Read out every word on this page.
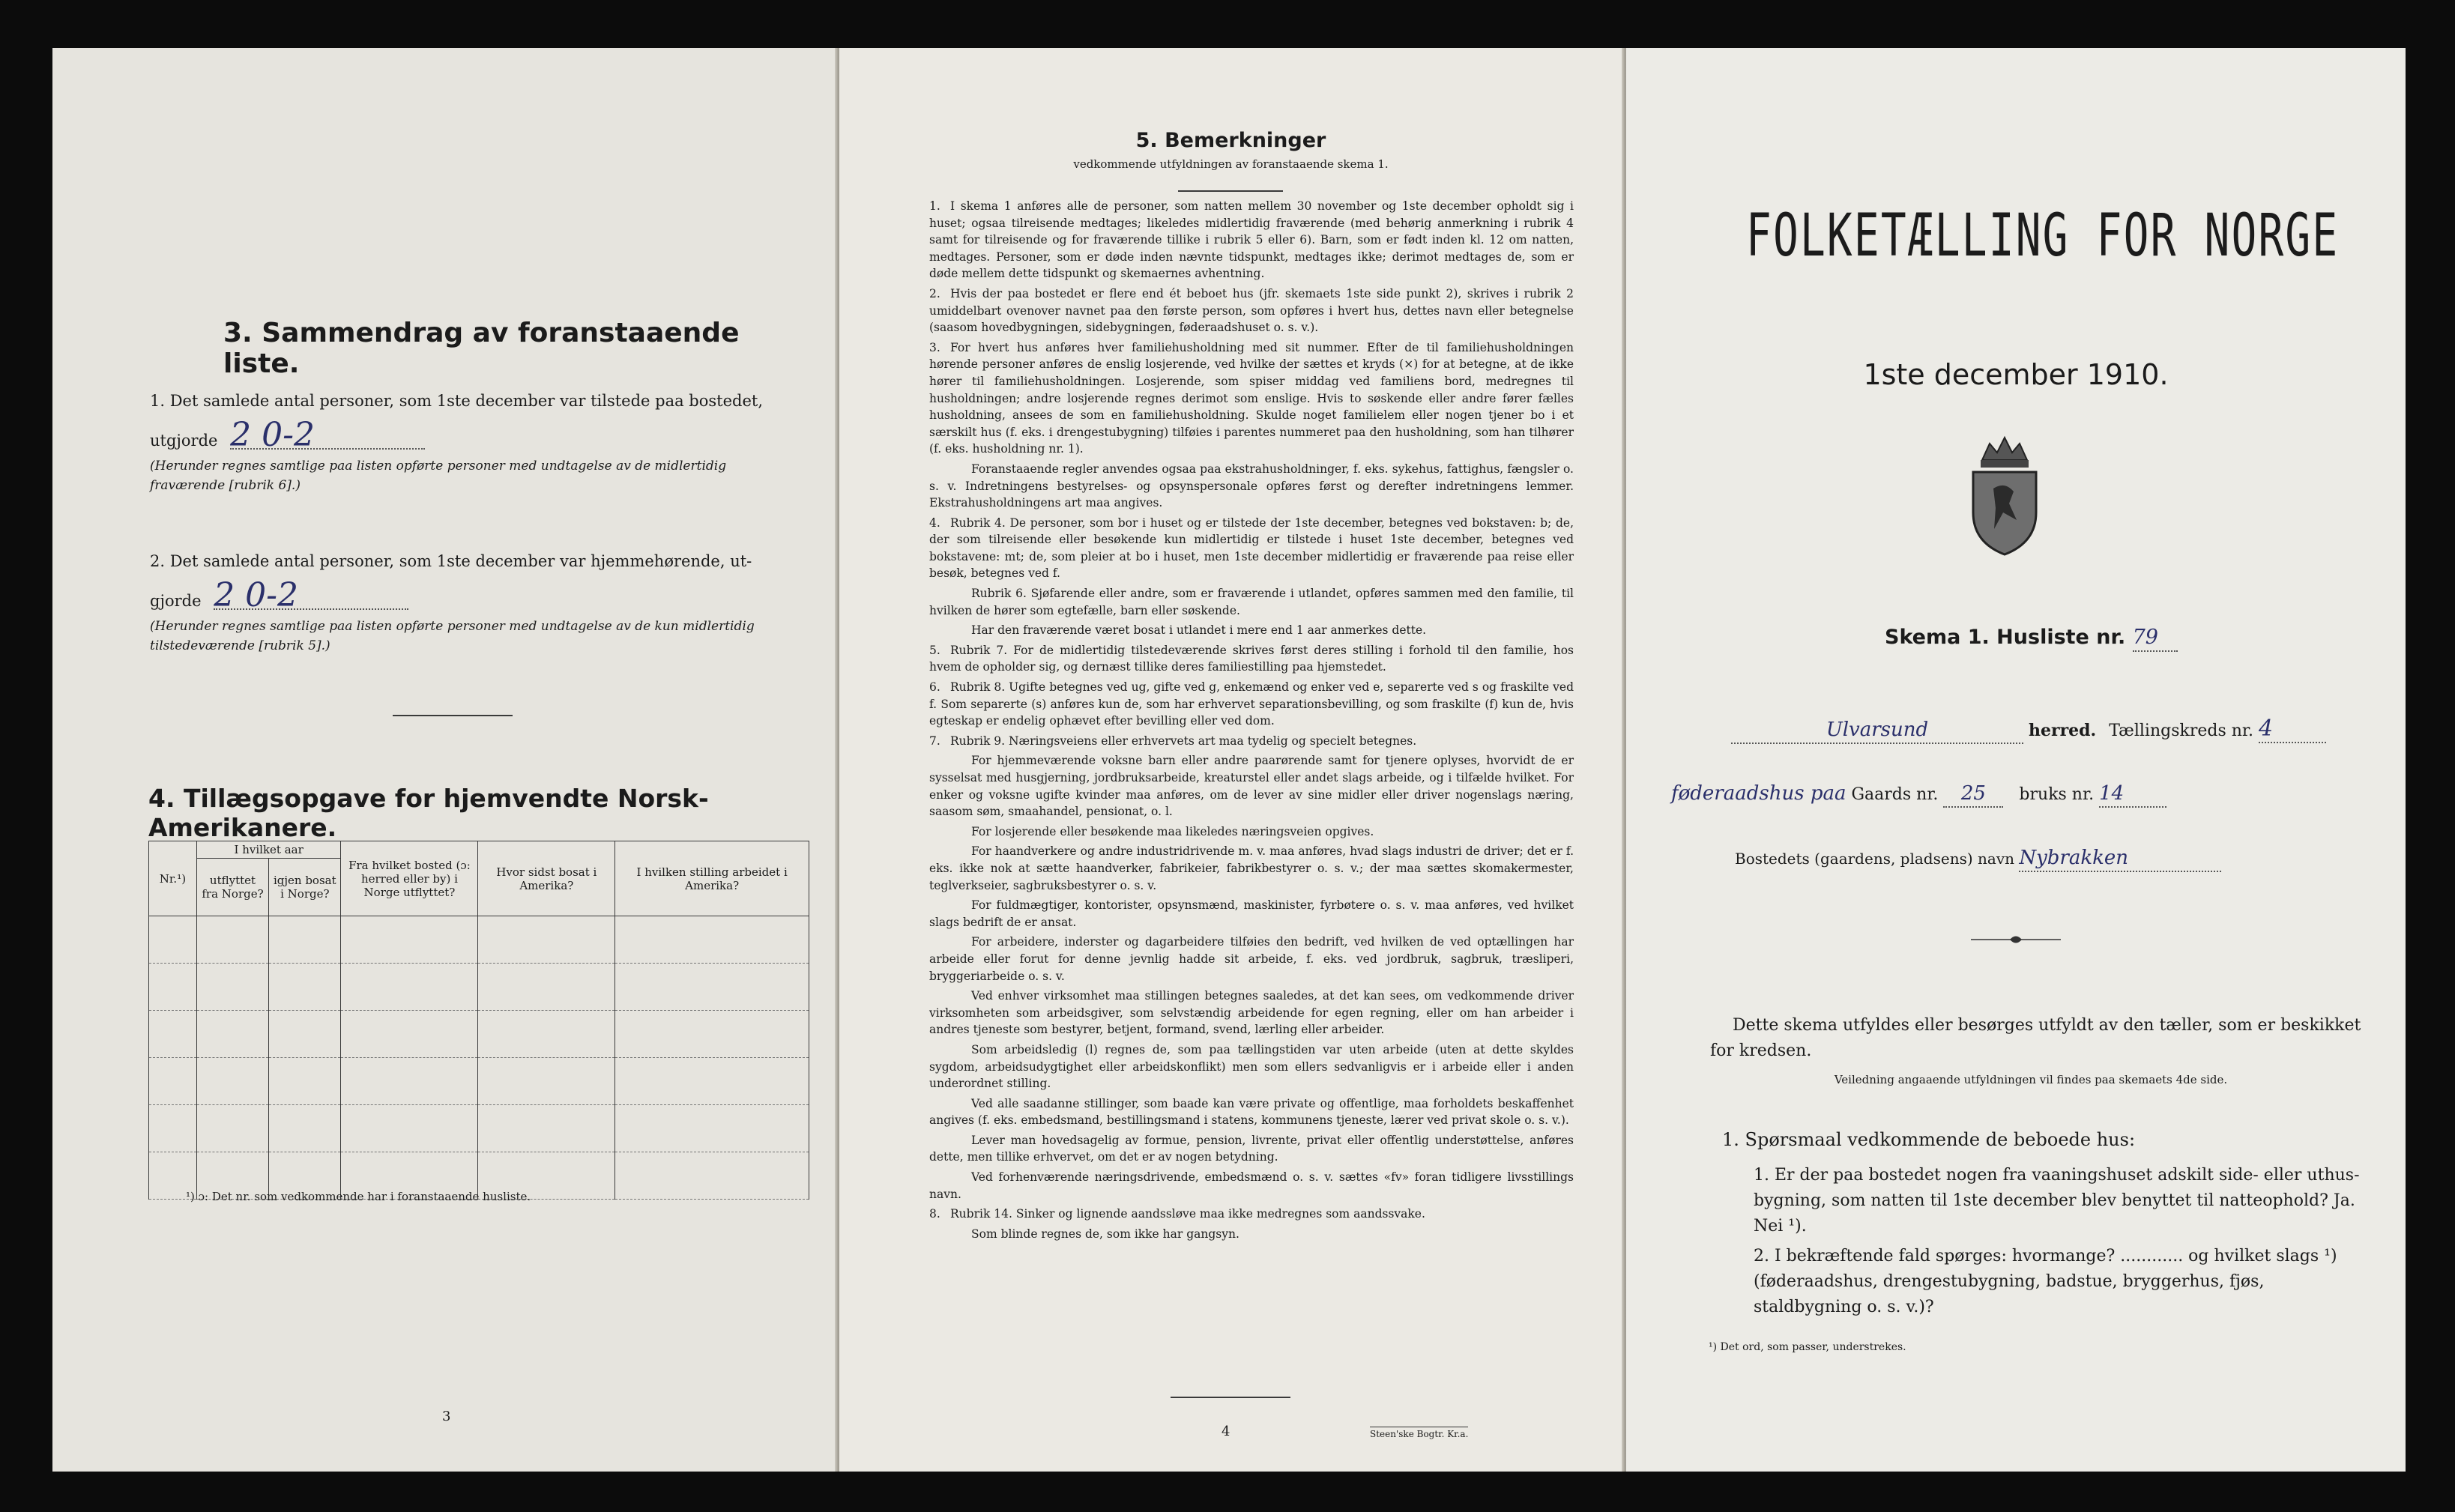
3. Sammendrag av foranstaaende liste.
1. Det samlede antal personer, som 1ste december var tilstede paa bostedet,
utgjorde 2 0-2
(Herunder regnes samtlige paa listen opførte personer med undtagelse av de midlertidig fraværende [rubrik 6].)
2. Det samlede antal personer, som 1ste december var hjemmehørende, ut-
gjorde 2 0-2
(Herunder regnes samtlige paa listen opførte personer med undtagelse av de kun midlertidig tilstedeværende [rubrik 5].)
4. Tillægsopgave for hjemvendte Norsk-Amerikanere.
Nr.¹)	I hvilket aar		Fra hvilket bosted (ɔ: herred eller by) i Norge utflyttet?	Hvor sidst bosat i Amerika?	I hvilken stilling arbeidet i Amerika?
	utflyttet fra Norge?	igjen bosat i Norge?			

¹) ɔ: Det nr. som vedkommende har i foranstaaende husliste.
3
5. Bemerkninger
vedkommende utfyldningen av foranstaaende skema 1.

1. I skema 1 anføres alle de personer, som natten mellem 30 november og 1ste december opholdt sig i huset; ogsaa tilreisende medtages; likeledes midlertidig fraværende (med behørig anmerkning i rubrik 4 samt for tilreisende og for fraværende tillike i rubrik 5 eller 6). Barn, som er født inden kl. 12 om natten, medtages. Personer, som er døde inden nævnte tidspunkt, medtages ikke; derimot medtages de, som er døde mellem dette tidspunkt og skemaernes avhentning.

2. Hvis der paa bostedet er flere end ét beboet hus (jfr. skemaets 1ste side punkt 2), skrives i rubrik 2 umiddelbart ovenover navnet paa den første person, som opføres i hvert hus, dettes navn eller betegnelse (saasom hovedbygningen, sidebygningen, føderaadshuset o. s. v.).

3. For hvert hus anføres hver familiehusholdning med sit nummer. Efter de til familiehusholdningen hørende personer anføres de enslig losjerende, ved hvilke der sættes et kryds (×) for at betegne, at de ikke hører til familiehusholdningen. Losjerende, som spiser middag ved familiens bord, medregnes til husholdningen; andre losjerende regnes derimot som enslige. Hvis to søskende eller andre fører fælles husholdning, ansees de som en familiehusholdning. Skulde noget familielem eller nogen tjener bo i et særskilt hus (f. eks. i drengestubygning) tilføies i parentes nummeret paa den husholdning, som han tilhører (f. eks. husholdning nr. 1).

Foranstaaende regler anvendes ogsaa paa ekstrahusholdninger, f. eks. sykehus, fattighus, fængsler o. s. v. Indretningens bestyrelses- og opsynspersonale opføres først og derefter indretningens lemmer. Ekstrahusholdningens art maa angives.

4. Rubrik 4. De personer, som bor i huset og er tilstede der 1ste december, betegnes ved bokstaven: b; de, der som tilreisende eller besøkende kun midlertidig er tilstede i huset 1ste december, betegnes ved bokstavene: mt; de, som pleier at bo i huset, men 1ste december midlertidig er fraværende paa reise eller besøk, betegnes ved f.

Rubrik 6. Sjøfarende eller andre, som er fraværende i utlandet, opføres sammen med den familie, til hvilken de hører som egtefælle, barn eller søskende.

Har den fraværende været bosat i utlandet i mere end 1 aar anmerkes dette.

5. Rubrik 7. For de midlertidig tilstedeværende skrives først deres stilling i forhold til den familie, hos hvem de opholder sig, og dernæst tillike deres familiestilling paa hjemstedet.

6. Rubrik 8. Ugifte betegnes ved ug, gifte ved g, enkemænd og enker ved e, separerte ved s og fraskilte ved f. Som separerte (s) anføres kun de, som har erhvervet separationsbevilling, og som fraskilte (f) kun de, hvis egteskap er endelig ophævet efter bevilling eller ved dom.

7. Rubrik 9. Næringsveiens eller erhvervets art maa tydelig og specielt betegnes.

For hjemmeværende voksne barn eller andre paarørende samt for tjenere oplyses, hvorvidt de er sysselsat med husgjerning, jordbruksarbeide, kreaturstel eller andet slags arbeide, og i tilfælde hvilket. For enker og voksne ugifte kvinder maa anføres, om de lever av sine midler eller driver nogenslags næring, saasom søm, smaahandel, pensionat, o. l.

For losjerende eller besøkende maa likeledes næringsveien opgives.

For haandverkere og andre industridrivende m. v. maa anføres, hvad slags industri de driver; det er f. eks. ikke nok at sætte haandverker, fabrikeier, fabrikbestyrer o. s. v.; der maa sættes skomakermester, teglverkseier, sagbruksbestyrer o. s. v.

For fuldmægtiger, kontorister, opsynsmænd, maskinister, fyrbøtere o. s. v. maa anføres, ved hvilket slags bedrift de er ansat.

For arbeidere, inderster og dagarbeidere tilføies den bedrift, ved hvilken de ved optællingen har arbeide eller forut for denne jevnlig hadde sit arbeide, f. eks. ved jordbruk, sagbruk, træsliperi, bryggeriarbeide o. s. v.

Ved enhver virksomhet maa stillingen betegnes saaledes, at det kan sees, om vedkommende driver virksomheten som arbeidsgiver, som selvstændig arbeidende for egen regning, eller om han arbeider i andres tjeneste som bestyrer, betjent, formand, svend, lærling eller arbeider.

Som arbeidsledig (l) regnes de, som paa tællingstiden var uten arbeide (uten at dette skyldes sygdom, arbeidsudygtighet eller arbeidskonflikt) men som ellers sedvanligvis er i arbeide eller i anden underordnet stilling.

Ved alle saadanne stillinger, som baade kan være private og offentlige, maa forholdets beskaffenhet angives (f. eks. embedsmand, bestillingsmand i statens, kommunens tjeneste, lærer ved privat skole o. s. v.).

Lever man hovedsagelig av formue, pension, livrente, privat eller offentlig understøttelse, anføres dette, men tillike erhvervet, om det er av nogen betydning.

Ved forhenværende næringsdrivende, embedsmænd o. s. v. sættes «fv» foran tidligere livsstillings navn.

8. Rubrik 14. Sinker og lignende aandssløve maa ikke medregnes som aandssvake.

Som blinde regnes de, som ikke har gangsyn.

4	Steen'ske Bogtr. Kr.a.
FOLKETÆLLING FOR NORGE
1ste december 1910.
Skema 1. Husliste nr. 79
Ulvarsund	herred. Tællingskreds nr. 4
føderaadshus paa Gaards nr. 25 bruks nr. 14
Bostedets (gaardens, pladsens) navn Nybrakken
Dette skema utfyldes eller besørges utfyldt av den tæller, som er beskikket for kredsen.
Veiledning angaaende utfyldningen vil findes paa skemaets 4de side.
1. Spørsmaal vedkommende de beboede hus:
1. Er der paa bostedet nogen fra vaaningshuset adskilt side- eller uthus-bygning, som natten til 1ste december blev benyttet til natteophold? Ja. Nei ¹).
2. I bekræftende fald spørges: hvormange? ............ og hvilket slags ¹) (føderaadshus, drengestubygning, badstue, bryggerhus, fjøs, staldbygning o. s. v.)?
¹) Det ord, som passer, understrekes.
